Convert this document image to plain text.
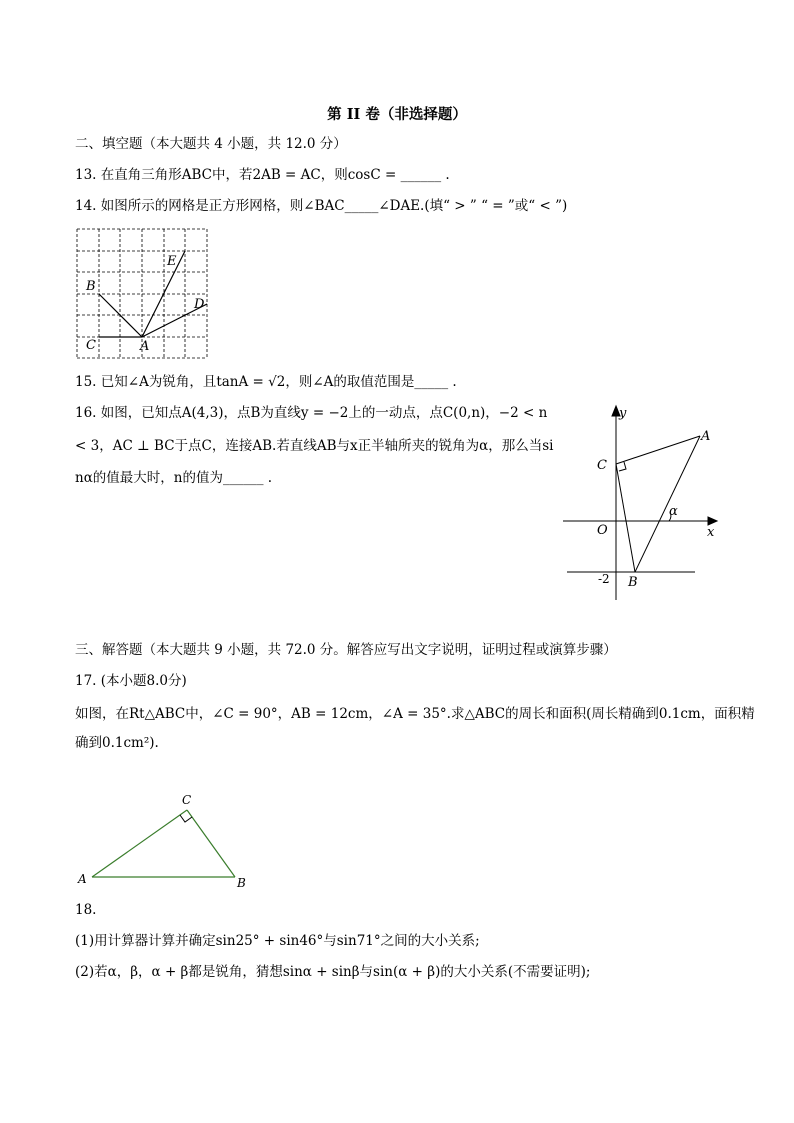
第 II 卷（非选择题）
二、填空题（本大题共 4 小题，共 12.0 分）
13. 在直角三角形ABC中，若2AB = AC，则cosC = ______ .
14. 如图所示的网格是正方形网格，则∠BAC_____∠DAE.(填“ > ” “ = ”或“ < ”)
A
B
C
D
E
15. 已知∠A为锐角，且tanA = √2，则∠A的取值范围是_____ .
16. 如图，已知点A(4,3)，点B为直线y = −2上的一动点，点C(0,n)，−2 < n
< 3，AC ⊥ BC于点C，连接AB.若直线AB与x正半轴所夹的锐角为α，那么当si
nα的值最大时，n的值为______ .
y
x
O
A
B
C
α
-2
三、解答题（本大题共 9 小题，共 72.0 分。解答应写出文字说明，证明过程或演算步骤）
17. (本小题8.0分)
如图，在Rt△ABC中，∠C = 90°，AB = 12cm，∠A = 35°.求△ABC的周长和面积(周长精确到0.1cm，面积精
确到0.1cm²).
A	B
C
18.
(1)用计算器计算并确定sin25° + sin46°与sin71°之间的大小关系;
(2)若α，β，α + β都是锐角，猜想sinα + sinβ与sin(α + β)的大小关系(不需要证明);
